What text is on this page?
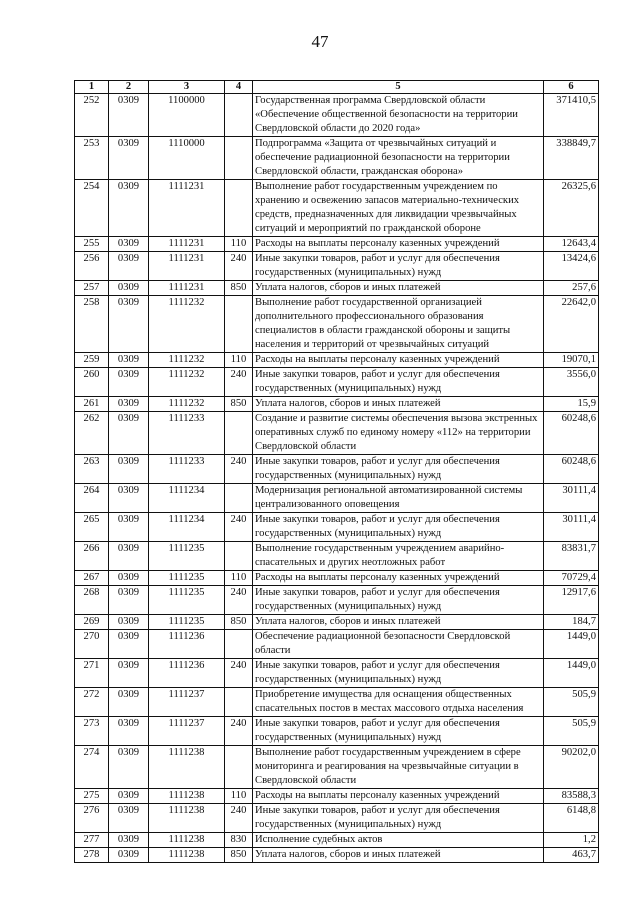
47
1	2	3	4	5	6
252	0309	1100000		Государственная программа Свердловской области «Обеспечение общественной безопасности на территории Свердловской области до 2020 года»	371410,5
253	0309	1110000		Подпрограмма «Защита от чрезвычайных ситуаций и обеспечение радиационной безопасности на территории Свердловской области, гражданская оборона»	338849,7
254	0309	1111231		Выполнение работ государственным учреждением по хранению и освежению запасов материально-технических средств, предназначенных для ликвидации чрезвычайных ситуаций и мероприятий по гражданской обороне	26325,6
255	0309	1111231	110	Расходы на выплаты персоналу казенных учреждений	12643,4
256	0309	1111231	240	Иные закупки товаров, работ и услуг для обеспечения государственных (муниципальных) нужд	13424,6
257	0309	1111231	850	Уплата налогов, сборов и иных платежей	257,6
258	0309	1111232		Выполнение работ государственной организацией дополнительного профессионального образования специалистов в области гражданской обороны и защиты населения и территорий от чрезвычайных ситуаций	22642,0
259	0309	1111232	110	Расходы на выплаты персоналу казенных учреждений	19070,1
260	0309	1111232	240	Иные закупки товаров, работ и услуг для обеспечения государственных (муниципальных) нужд	3556,0
261	0309	1111232	850	Уплата налогов, сборов и иных платежей	15,9
262	0309	1111233		Создание и развитие системы обеспечения вызова экстренных оперативных служб по единому номеру «112» на территории Свердловской области	60248,6
263	0309	1111233	240	Иные закупки товаров, работ и услуг для обеспечения государственных (муниципальных) нужд	60248,6
264	0309	1111234		Модернизация региональной автоматизированной системы централизованного оповещения	30111,4
265	0309	1111234	240	Иные закупки товаров, работ и услуг для обеспечения государственных (муниципальных) нужд	30111,4
266	0309	1111235		Выполнение государственным учреждением аварийно-спасательных и других неотложных работ	83831,7
267	0309	1111235	110	Расходы на выплаты персоналу казенных учреждений	70729,4
268	0309	1111235	240	Иные закупки товаров, работ и услуг для обеспечения государственных (муниципальных) нужд	12917,6
269	0309	1111235	850	Уплата налогов, сборов и иных платежей	184,7
270	0309	1111236		Обеспечение радиационной безопасности Свердловской области	1449,0
271	0309	1111236	240	Иные закупки товаров, работ и услуг для обеспечения государственных (муниципальных) нужд	1449,0
272	0309	1111237		Приобретение имущества для оснащения общественных спасательных постов в местах массового отдыха населения	505,9
273	0309	1111237	240	Иные закупки товаров, работ и услуг для обеспечения государственных (муниципальных) нужд	505,9
274	0309	1111238		Выполнение работ государственным учреждением в сфере мониторинга и реагирования на чрезвычайные ситуации в Свердловской области	90202,0
275	0309	1111238	110	Расходы на выплаты персоналу казенных учреждений	83588,3
276	0309	1111238	240	Иные закупки товаров, работ и услуг для обеспечения государственных (муниципальных) нужд	6148,8
277	0309	1111238	830	Исполнение судебных актов	1,2
278	0309	1111238	850	Уплата налогов, сборов и иных платежей	463,7
